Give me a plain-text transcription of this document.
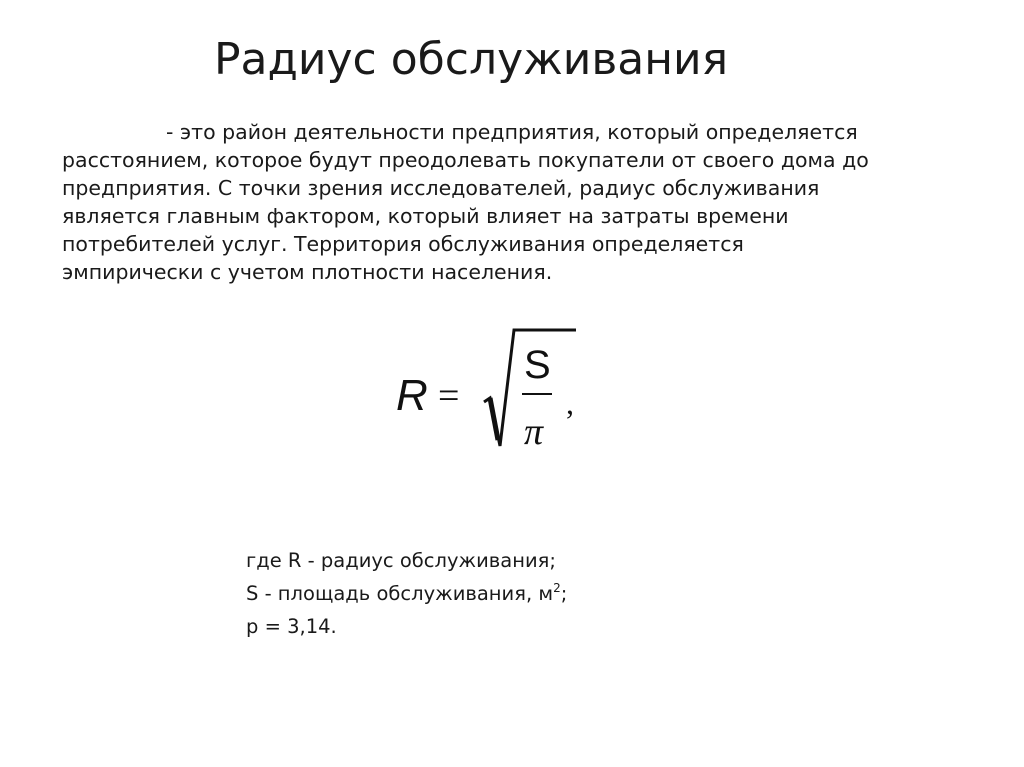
Радиус обслуживания
- это район деятельности предприятия, который определяется
расстоянием, которое будут преодолевать покупатели от своего дома до
предприятия. С точки зрения исследователей, радиус обслуживания
является главным фактором, который влияет на затраты времени
потребителей услуг. Территория обслуживания определяется
эмпирически с учетом плотности населения.
R =
S
π
,
где R - радиус обслуживания;
S - площадь обслуживания, $м^2$;
р = 3,14.
